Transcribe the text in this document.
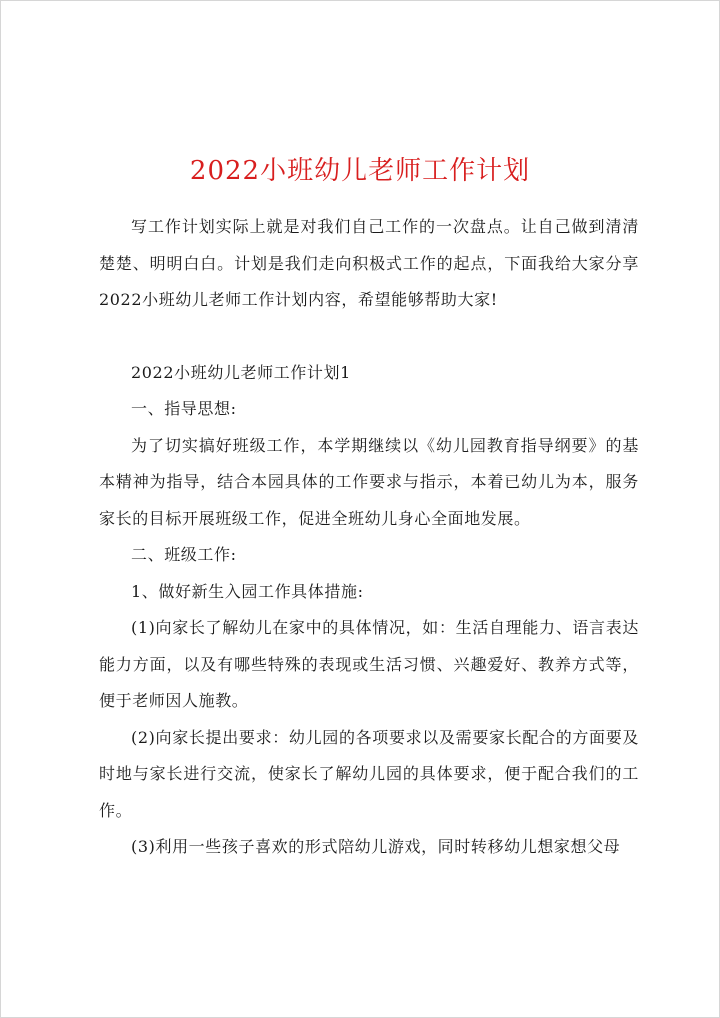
2022小班幼儿老师工作计划

写工作计划实际上就是对我们自己工作的一次盘点。让自己做到清清楚楚、明明白白。计划是我们走向积极式工作的起点，下面我给大家分享2022小班幼儿老师工作计划内容，希望能够帮助大家!

2022小班幼儿老师工作计划1

一、指导思想:

为了切实搞好班级工作，本学期继续以《幼儿园教育指导纲要》的基本精神为指导，结合本园具体的工作要求与指示，本着已幼儿为本，服务家长的目标开展班级工作，促进全班幼儿身心全面地发展。

二、班级工作:

1、做好新生入园工作具体措施:

(1)向家长了解幼儿在家中的具体情况，如：生活自理能力、语言表达能力方面，以及有哪些特殊的表现或生活习惯、兴趣爱好、教养方式等，便于老师因人施教。

(2)向家长提出要求：幼儿园的各项要求以及需要家长配合的方面要及时地与家长进行交流，使家长了解幼儿园的具体要求，便于配合我们的工作。

(3)利用一些孩子喜欢的形式陪幼儿游戏，同时转移幼儿想家想父母
